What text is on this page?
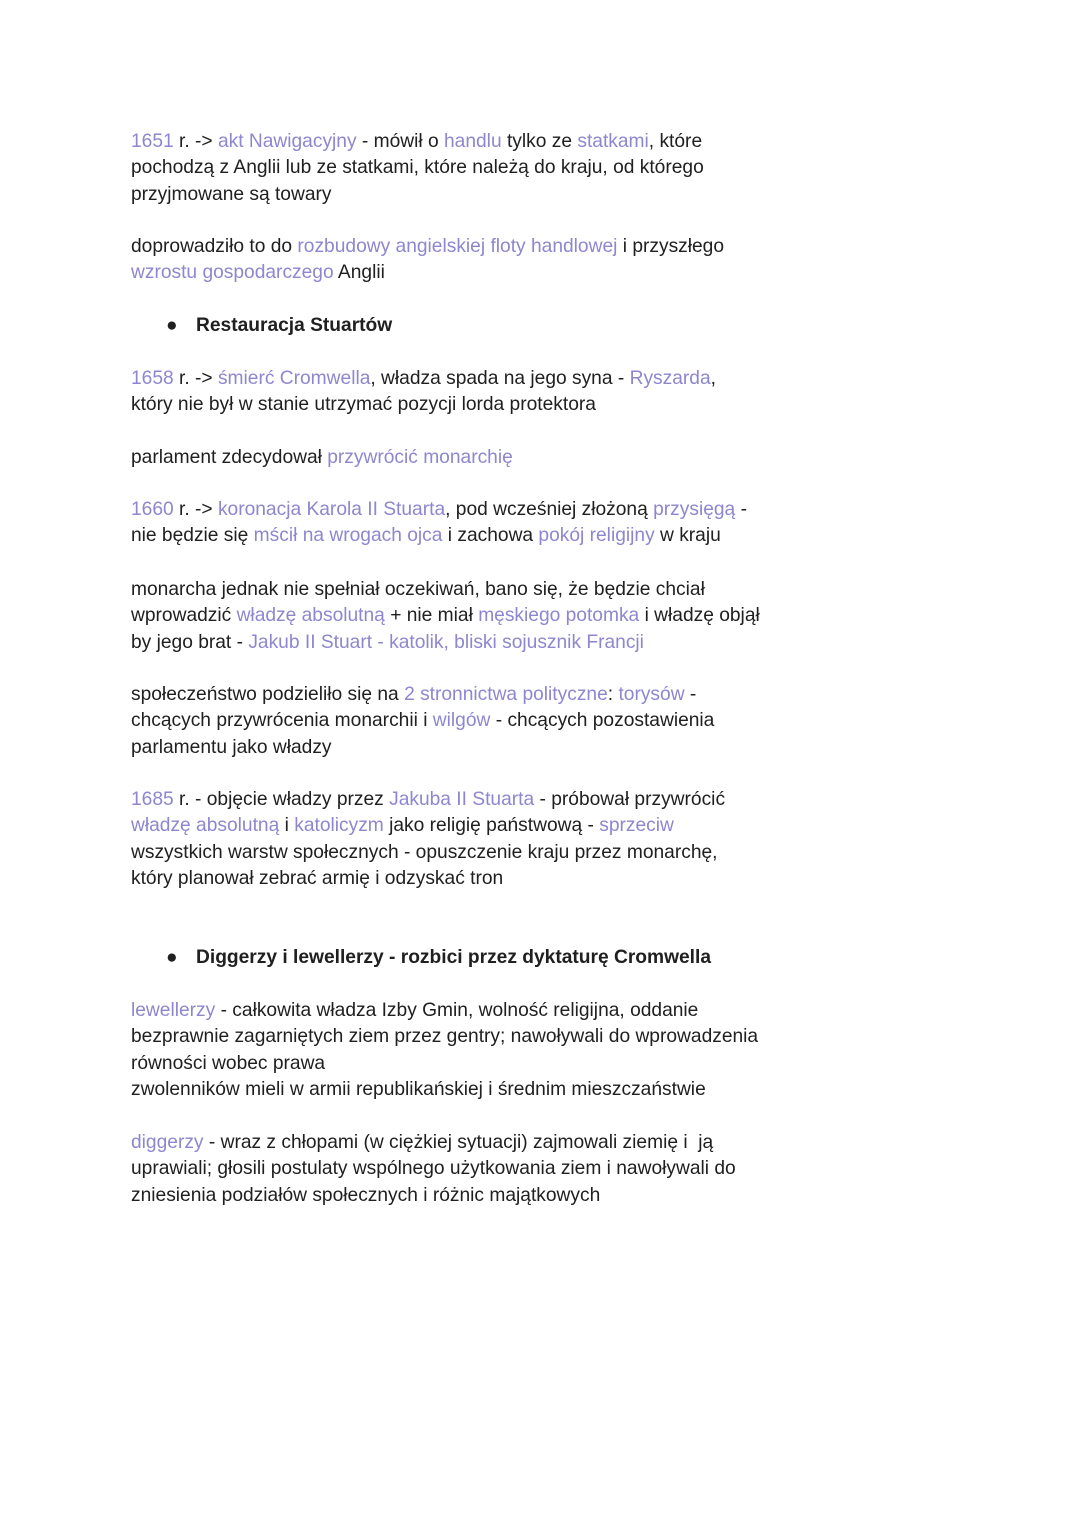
1651 r. -> akt Nawigacyjny - mówił o handlu tylko ze statkami, które
pochodzą z Anglii lub ze statkami, które należą do kraju, od którego
przyjmowane są towary

doprowadziło to do rozbudowy angielskiej floty handlowej i przyszłego
wzrostu gospodarczego Anglii

● Restauracja Stuartów

1658 r. -> śmierć Cromwella, władza spada na jego syna - Ryszarda,
który nie był w stanie utrzymać pozycji lorda protektora

parlament zdecydował przywrócić monarchię

1660 r. -> koronacja Karola II Stuarta, pod wcześniej złożoną przysięgą -
nie będzie się mścił na wrogach ojca i zachowa pokój religijny w kraju

monarcha jednak nie spełniał oczekiwań, bano się, że będzie chciał
wprowadzić władzę absolutną + nie miał męskiego potomka i władzę objął
by jego brat - Jakub II Stuart - katolik, bliski sojusznik Francji

społeczeństwo podzieliło się na 2 stronnictwa polityczne: torysów -
chcących przywrócenia monarchii i wilgów - chcących pozostawienia
parlamentu jako władzy

1685 r. - objęcie władzy przez Jakuba II Stuarta - próbował przywrócić
władzę absolutną i katolicyzm jako religię państwową - sprzeciw
wszystkich warstw społecznych - opuszczenie kraju przez monarchę,
który planował zebrać armię i odzyskać tron

● Diggerzy i lewellerzy - rozbici przez dyktaturę Cromwella

lewellerzy - całkowita władza Izby Gmin, wolność religijna, oddanie
bezprawnie zagarniętych ziem przez gentry; nawoływali do wprowadzenia
równości wobec prawa
zwolenników mieli w armii republikańskiej i średnim mieszczaństwie

diggerzy - wraz z chłopami (w ciężkiej sytuacji) zajmowali ziemię i  ją
uprawiali; głosili postulaty wspólnego użytkowania ziem i nawoływali do
zniesienia podziałów społecznych i różnic majątkowych
